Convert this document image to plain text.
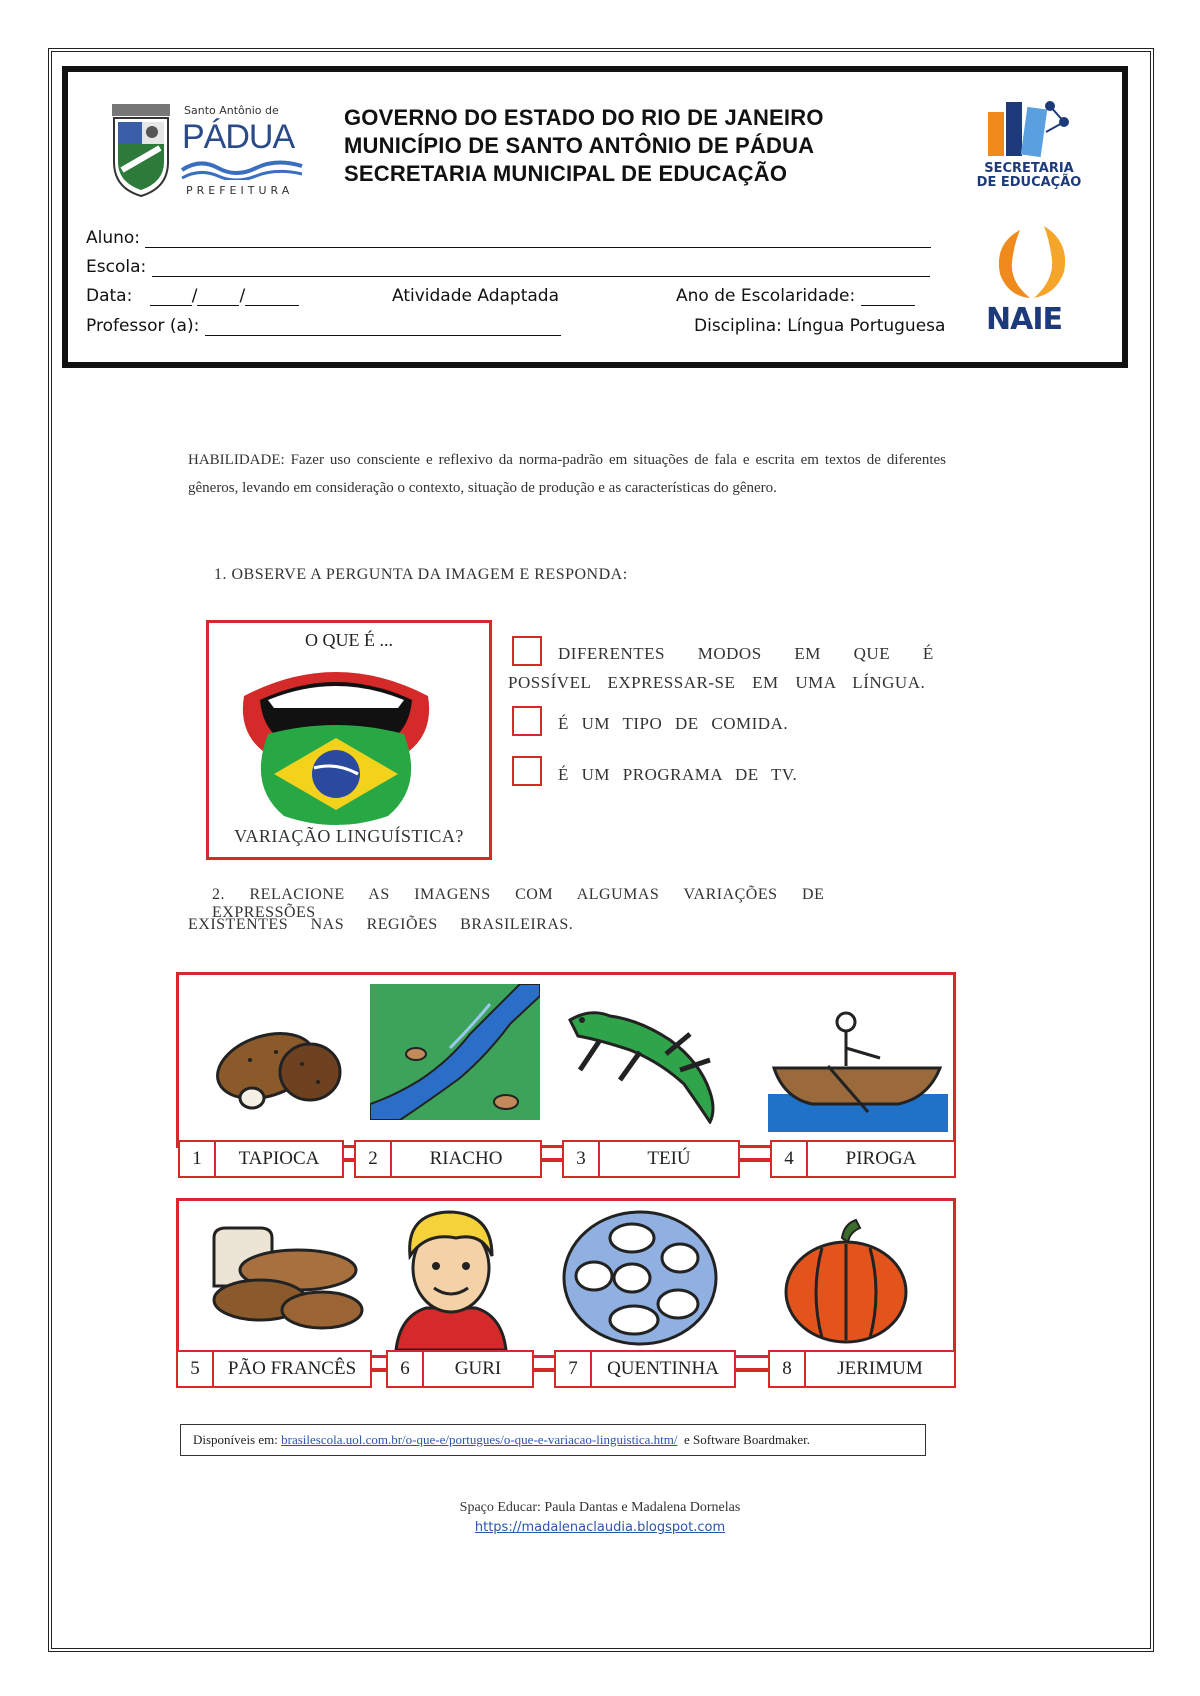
Santo Antônio de
PÁDUA
PREFEITURA
GOVERNO DO ESTADO DO RIO DE JANEIRO
MUNICÍPIO DE SANTO ANTÔNIO DE PÁDUA
SECRETARIA MUNICIPAL DE EDUCAÇÃO	SECRETARIA
DE EDUCAÇÃO
NAIE
Aluno:
Escola:
Data:	/ /	Atividade Adaptada	Ano de Escolaridade:
Professor (a):	Disciplina: Língua Portuguesa
HABILIDADE: Fazer uso consciente e reflexivo da norma-padrão em situações de fala e escrita em textos de diferentes gêneros, levando em consideração o contexto, situação de produção e as características do gênero.
1. OBSERVE A PERGUNTA DA IMAGEM E RESPONDA:
O QUE É ...
VARIAÇÃO LINGUÍSTICA?
DIFERENTES MODOS EM QUE É
POSSÍVEL EXPRESSAR-SE EM UMA LÍNGUA.
É UM TIPO DE COMIDA.
É UM PROGRAMA DE TV.
2. RELACIONE AS IMAGENS COM ALGUMAS VARIAÇÕES DE EXPRESSÕES
EXISTENTES NAS REGIÕES BRASILEIRAS.
1	TAPIOCA	2	RIACHO	3	TEIÚ	4	PIROGA
5	PÃO FRANCÊS	6	GURI	7	QUENTINHA	8	JERIMUM
Disponíveis em:
brasilescola.uol.com.br/o-que-e/portugues/o-que-e-variacao-linguistica.htm/
e Software Boardmaker.
Spaço Educar: Paula Dantas e Madalena Dornelas
https://madalenaclaudia.blogspot.com
